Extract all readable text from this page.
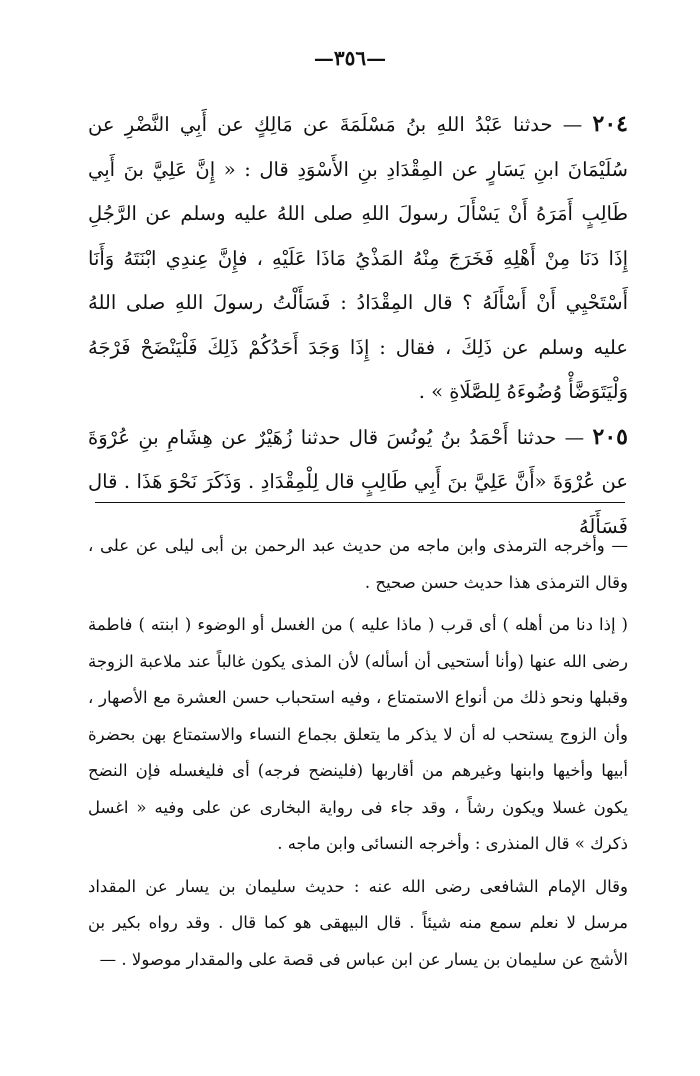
—٣٥٦—
٢٠٤ — حدثنا عَبْدُ اللهِ بنُ مَسْلَمَةَ عن مَالِكٍ عن أَبِي النَّضْرِ عن سُلَيْمَانَ ابنِ يَسَارٍ عن المِقْدَادِ بنِ الأَسْوَدِ قال : « إِنَّ عَلِيَّ بنَ أَبِي طَالِبٍ أَمَرَهُ أَنْ يَسْأَلَ رسولَ اللهِ صلى اللهُ عليه وسلم عن الرَّجُلِ إِذَا دَنَا مِنْ أَهْلِهِ فَخَرَجَ مِنْهُ المَذْيُ مَاذَا عَلَيْهِ ، فإِنَّ عِندِي ابْنَتَهُ وَأَنَا أَسْتَحْيِي أَنْ أَسْأَلَهُ ؟ قال المِقْدَادُ : فَسَأَلْتُ رسولَ اللهِ صلى اللهُ عليه وسلم عن ذَلِكَ ، فقال : إِذَا وَجَدَ أَحَدُكُمْ ذَلِكَ فَلْيَنْضَحْ فَرْجَهُ وَلْيَتَوَضَّأْ وُضُوءَهُ لِلصَّلَاةِ » .
٢٠٥ — حدثنا أَحْمَدُ بنُ يُونُسَ قال حدثنا زُهَيْرٌ عن هِشَامِ بنِ عُرْوَةَ عن عُرْوَةَ «أَنَّ عَلِيَّ بنَ أَبِي طَالِبٍ قال لِلْمِقْدَادِ . وَذَكَرَ نَحْوَ هَذَا . قال فَسَأَلَهُ

— وأخرجه الترمذى وابن ماجه من حديث عبد الرحمن بن أبى ليلى عن على ، وقال الترمذى هذا حديث حسن صحيح .

( إذا دنا من أهله ) أى قرب ( ماذا عليه ) من الغسل أو الوضوء ( ابنته ) فاطمة رضى الله عنها (وأنا أستحيى أن أسأله) لأن المذى يكون غالباً عند ملاعبة الزوجة وقبلها ونحو ذلك من أنواع الاستمتاع ، وفيه استحباب حسن العشرة مع الأصهار ، وأن الزوج يستحب له أن لا يذكر ما يتعلق بجماع النساء والاستمتاع بهن بحضرة أبيها وأخيها وابنها وغيرهم من أقاربها (فلينضح فرجه) أى فليغسله فإن النضح يكون غسلا ويكون رشاً ، وقد جاء فى رواية البخارى عن على وفيه « اغسل ذكرك » قال المنذرى : وأخرجه النسائى وابن ماجه .

وقال الإمام الشافعى رضى الله عنه : حديث سليمان بن يسار عن المقداد مرسل لا نعلم سمع منه شيئاً . قال البيهقى هو كما قال . وقد رواه بكير بن الأشج عن سليمان بن يسار عن ابن عباس فى قصة على والمقدار موصولا . —
